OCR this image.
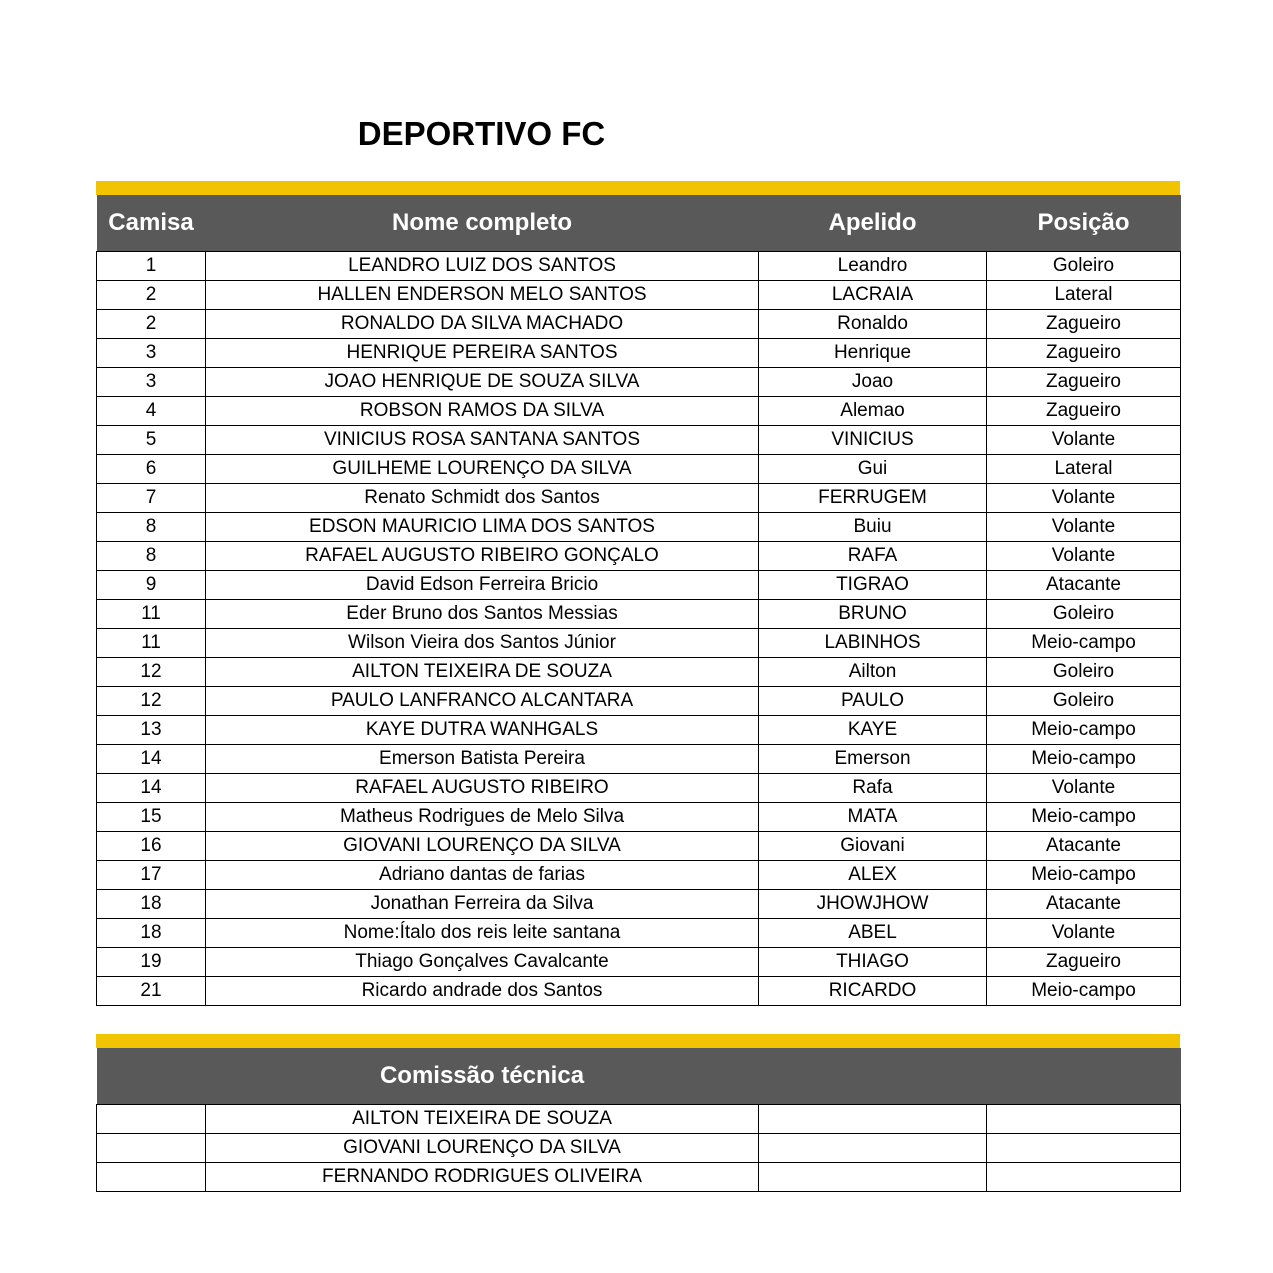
DEPORTIVO FC
Camisa	Nome completo	Apelido	Posição
1	LEANDRO LUIZ DOS SANTOS	Leandro	Goleiro
2	HALLEN ENDERSON MELO SANTOS	LACRAIA	Lateral
2	RONALDO DA SILVA MACHADO	Ronaldo	Zagueiro
3	HENRIQUE PEREIRA SANTOS	Henrique	Zagueiro
3	JOAO HENRIQUE DE SOUZA SILVA	Joao	Zagueiro
4	ROBSON RAMOS DA SILVA	Alemao	Zagueiro
5	VINICIUS ROSA SANTANA SANTOS	VINICIUS	Volante
6	GUILHEME LOURENÇO DA SILVA	Gui	Lateral
7	Renato Schmidt dos Santos	FERRUGEM	Volante
8	EDSON MAURICIO LIMA DOS SANTOS	Buiu	Volante
8	RAFAEL AUGUSTO RIBEIRO GONÇALO	RAFA	Volante
9	David Edson Ferreira Bricio	TIGRAO	Atacante
11	Eder Bruno dos Santos Messias	BRUNO	Goleiro
11	Wilson Vieira dos Santos Júnior	LABINHOS	Meio-campo
12	AILTON TEIXEIRA DE SOUZA	Ailton	Goleiro
12	PAULO LANFRANCO ALCANTARA	PAULO	Goleiro
13	KAYE DUTRA WANHGALS	KAYE	Meio-campo
14	Emerson Batista Pereira	Emerson	Meio-campo
14	RAFAEL AUGUSTO RIBEIRO	Rafa	Volante
15	Matheus Rodrigues de Melo Silva	MATA	Meio-campo
16	GIOVANI LOURENÇO DA SILVA	Giovani	Atacante
17	Adriano dantas de farias	ALEX	Meio-campo
18	Jonathan Ferreira da Silva	JHOWJHOW	Atacante
18	Nome:Ítalo dos reis leite santana	ABEL	Volante
19	Thiago Gonçalves Cavalcante	THIAGO	Zagueiro
21	Ricardo andrade dos Santos	RICARDO	Meio-campo
	Comissão técnica		
	AILTON TEIXEIRA DE SOUZA		
	GIOVANI LOURENÇO DA SILVA		
	FERNANDO RODRIGUES OLIVEIRA		
